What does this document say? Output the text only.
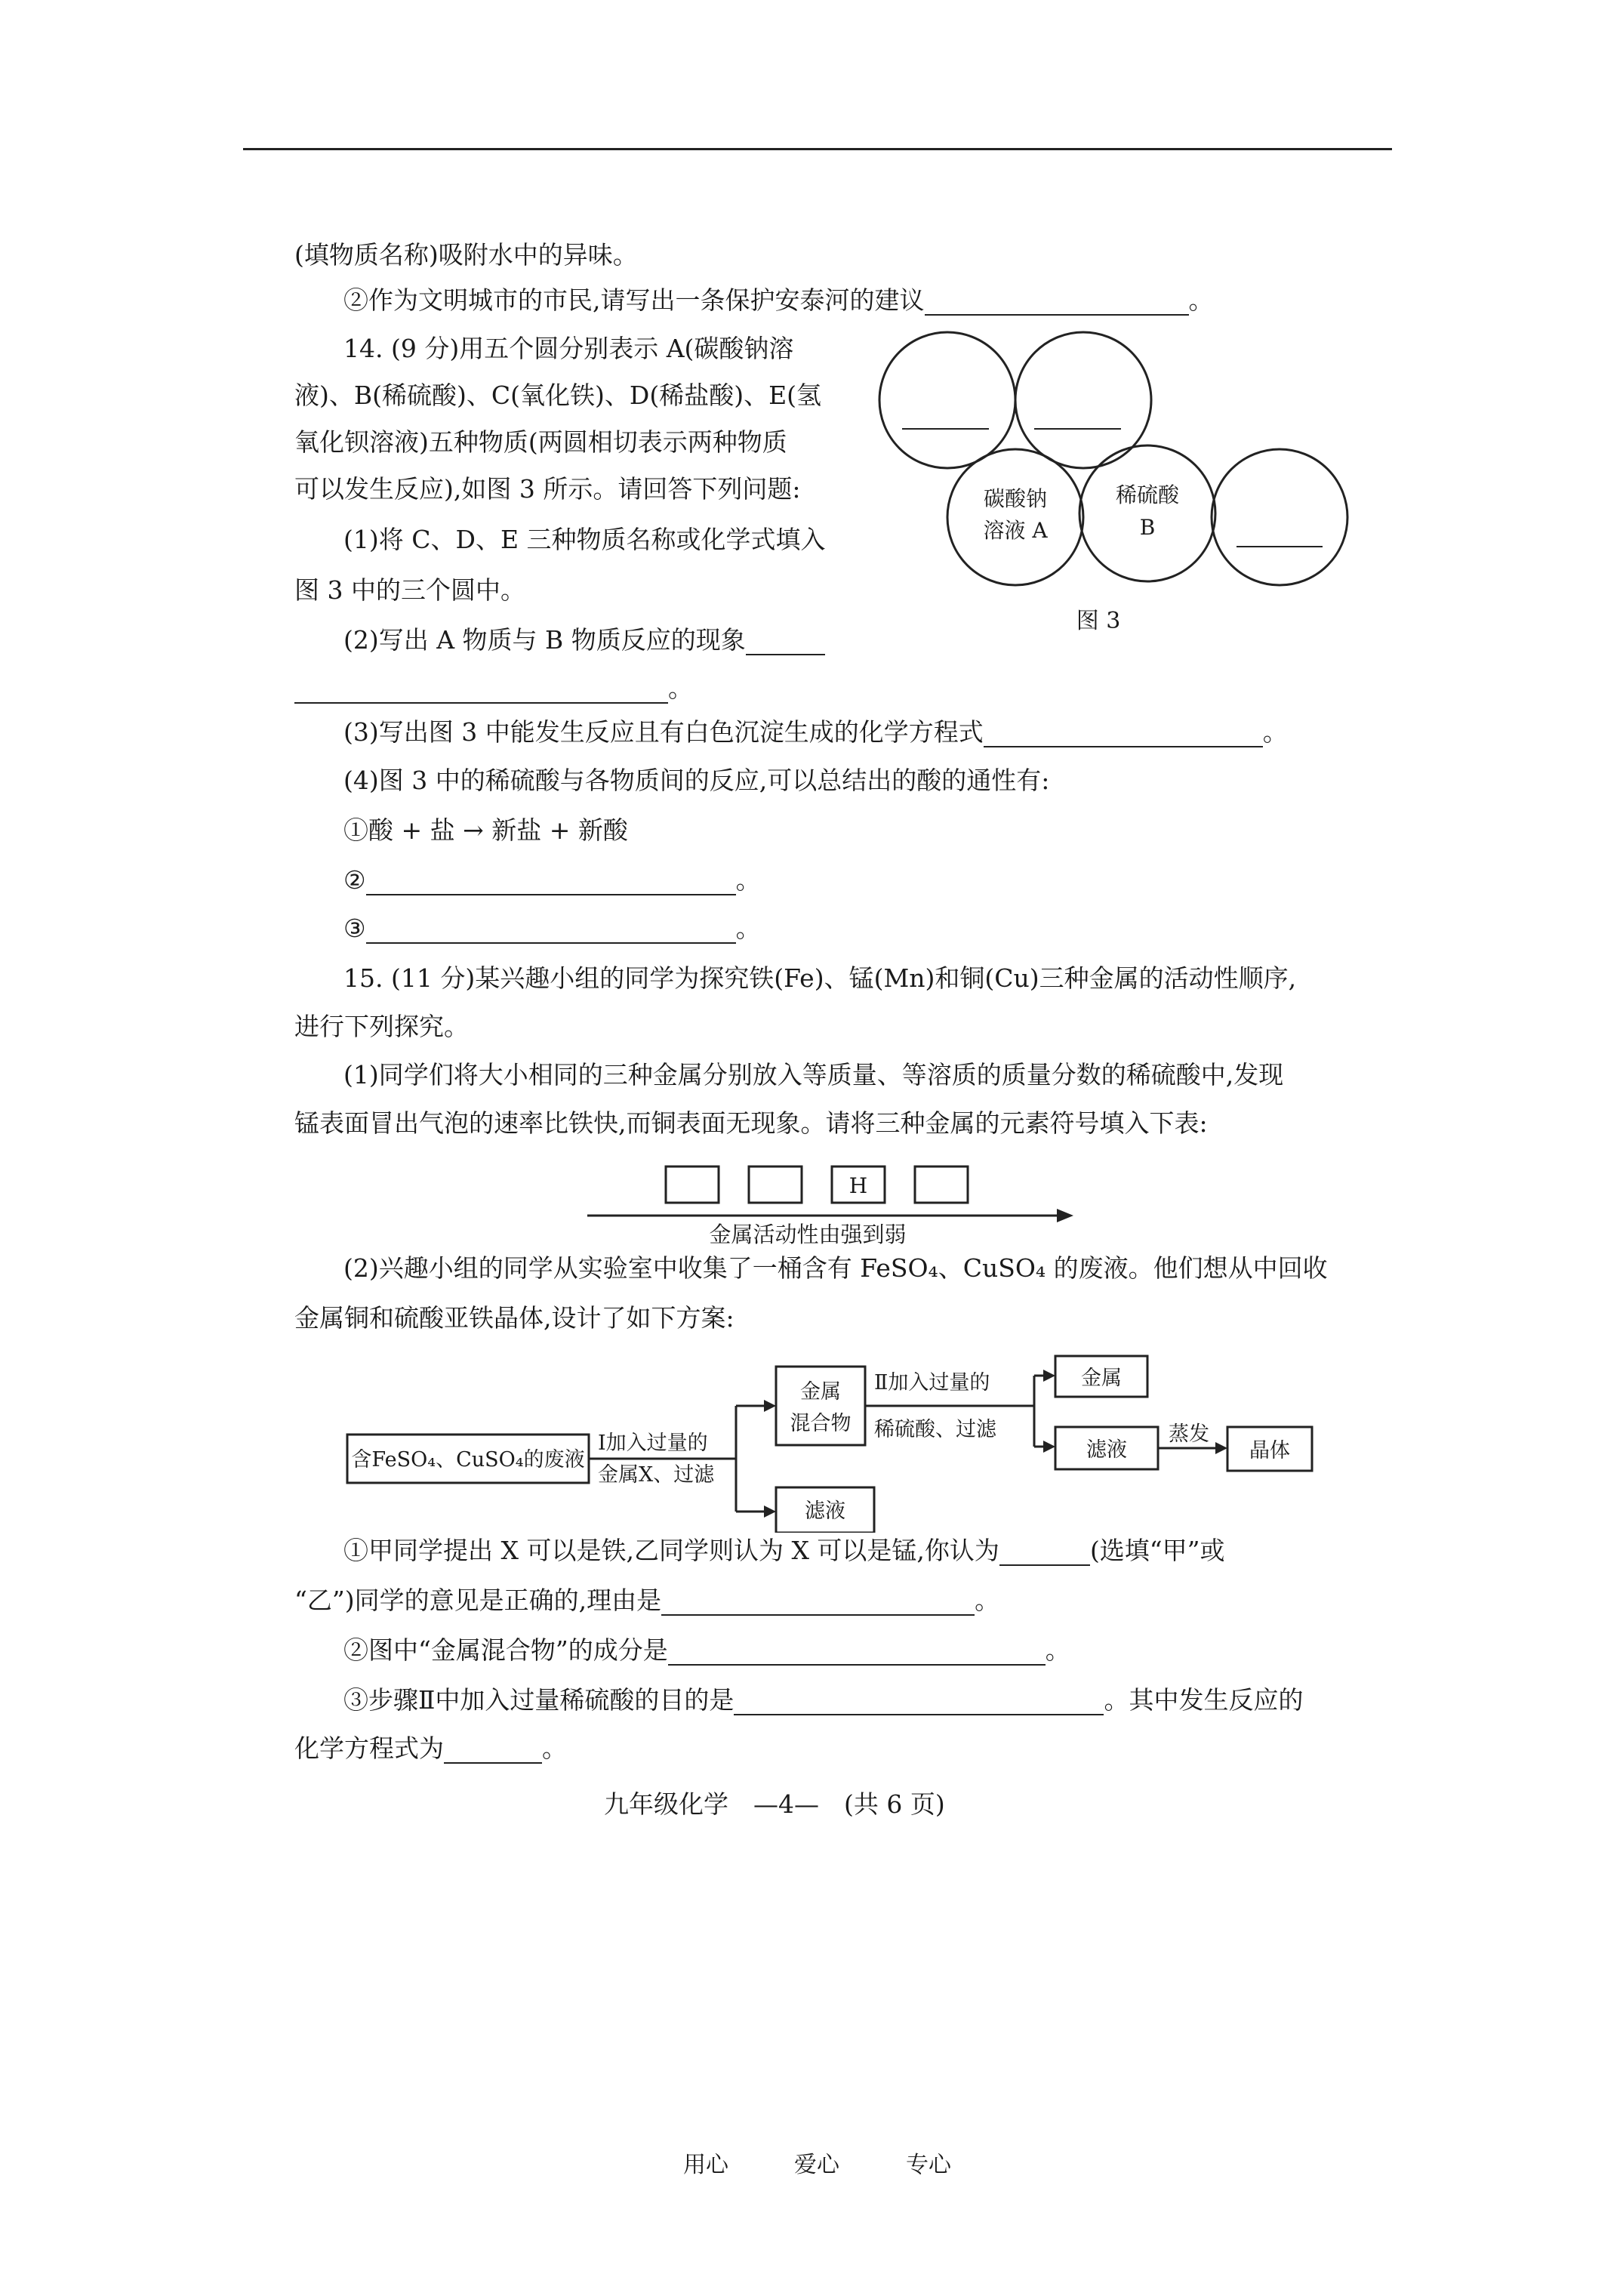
(填物质名称)吸附水中的异味。
②作为文明城市的市民,请写出一条保护安泰河的建议	。
14. (9 分)用五个圆分别表示 A(碳酸钠溶
液)、B(稀硫酸)、C(氧化铁)、D(稀盐酸)、E(氢
氧化钡溶液)五种物质(两圆相切表示两种物质
可以发生反应),如图 3 所示。请回答下列问题:
(1)将 C、D、E 三种物质名称或化学式填入
图 3 中的三个圆中。
(2)写出 A 物质与 B 物质反应的现象
。
碳酸钠
溶液 A
稀硫酸
B
图 3
(3)写出图 3 中能发生反应且有白色沉淀生成的化学方程式	。
(4)图 3 中的稀硫酸与各物质间的反应,可以总结出的酸的通性有:
①酸 + 盐 → 新盐 + 新酸
②	。
③	。
15. (11 分)某兴趣小组的同学为探究铁(Fe)、锰(Mn)和铜(Cu)三种金属的活动性顺序,
进行下列探究。
(1)同学们将大小相同的三种金属分别放入等质量、等溶质的质量分数的稀硫酸中,发现
锰表面冒出气泡的速率比铁快,而铜表面无现象。请将三种金属的元素符号填入下表:
H
金属活动性由强到弱
(2)兴趣小组的同学从实验室中收集了一桶含有 FeSO₄、CuSO₄ 的废液。他们想从中回收
金属铜和硫酸亚铁晶体,设计了如下方案:
含FeSO₄、CuSO₄的废液
Ⅰ加入过量的
金属X、过滤
金属
混合物
滤液
Ⅱ加入过量的
稀硫酸、过滤
金属
滤液
蒸发
晶体
①甲同学提出 X 可以是铁,乙同学则认为 X 可以是锰,你认为	(选填“甲”或
“乙”)同学的意见是正确的,理由是	。
②图中“金属混合物”的成分是	。
③步骤Ⅱ中加入过量稀硫酸的目的是	。其中发生反应的
化学方程式为	。
九年级化学　—4—　(共 6 页)
用心	爱心	专心
